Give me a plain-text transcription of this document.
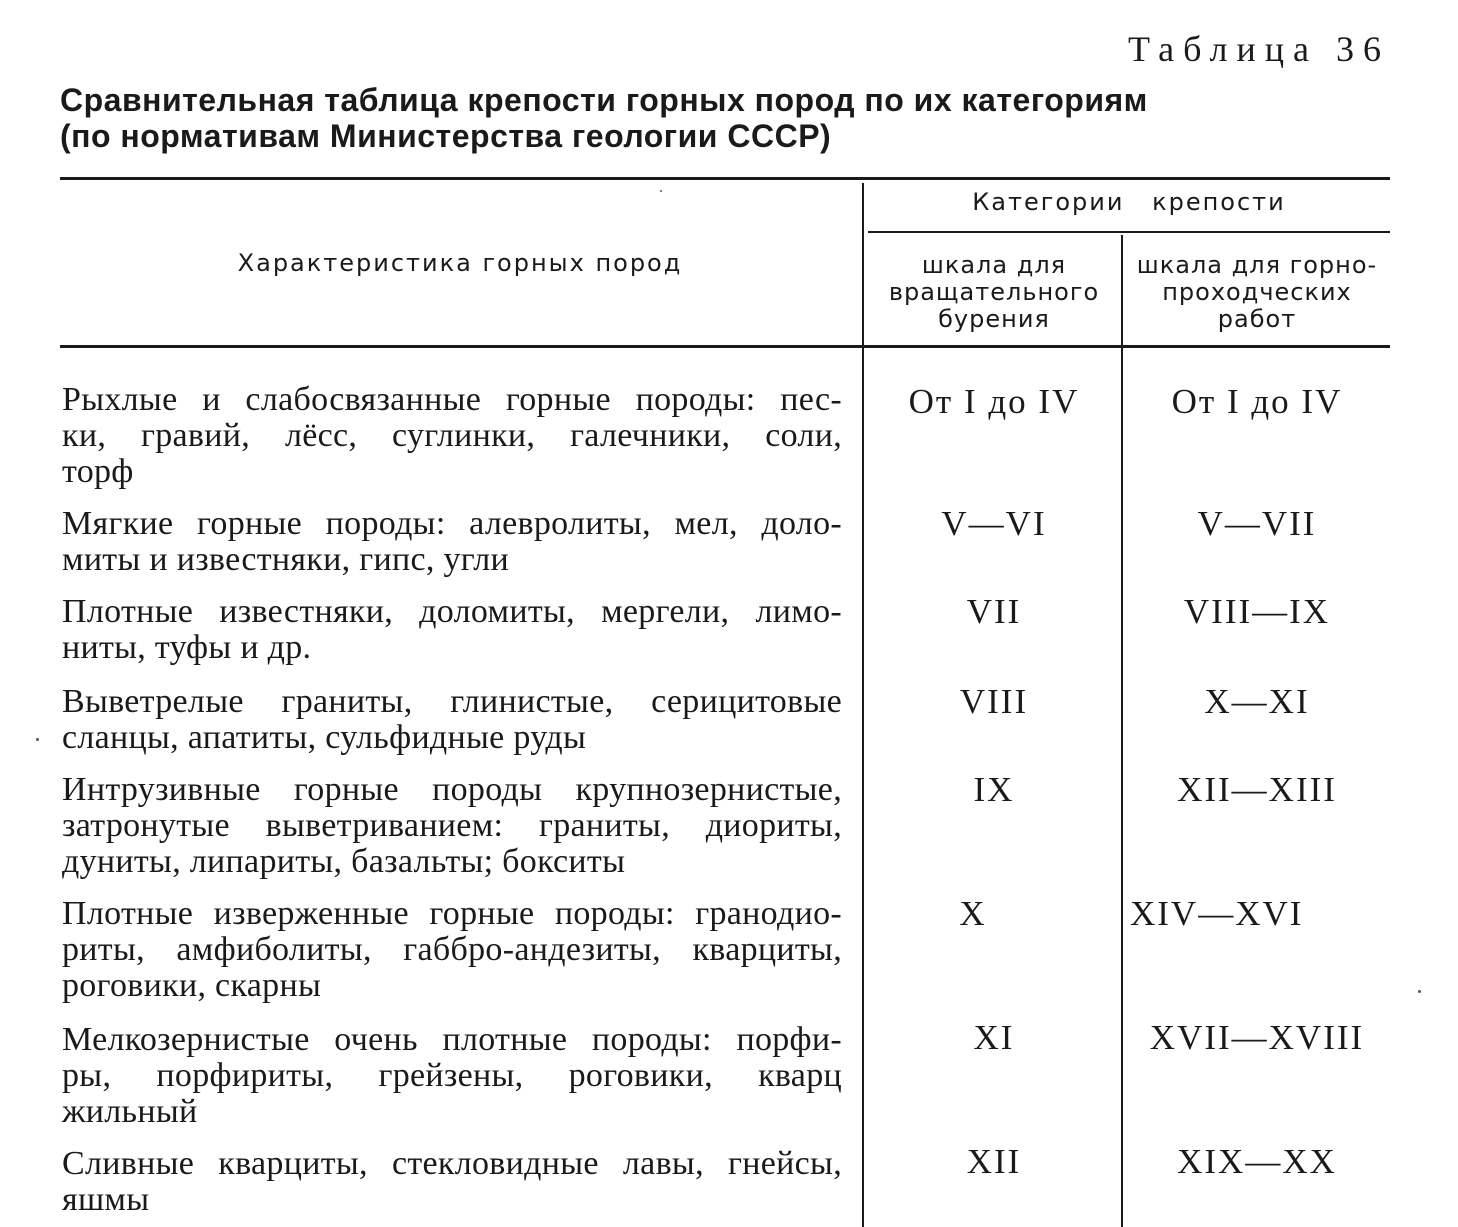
Таблица 36
Сравнительная таблица крепости горных пород по их категориям
(по нормативам Министерства геологии СССР)
Характеристика горных пород
Категории крепости
шкала для
вращательного
бурения
шкала для горно-
проходческих
работ
Рыхлые и слабосвязанные горные породы: пес-
ки, гравий, лёсс, суглинки, галечники, соли,
торф
От I до IV	От I до IV
Мягкие горные породы: алевролиты, мел, доло-
миты и известняки, гипс, угли
V—VI	V—VII
Плотные известняки, доломиты, мергели, лимо-
ниты, туфы и др.
VII	VIII—IX
Выветрелые граниты, глинистые, серицитовые
сланцы, апатиты, сульфидные руды
VIII	X—XI
Интрузивные горные породы крупнозернистые,
затронутые выветриванием: граниты, диориты,
дуниты, липариты, базальты; бокситы
IX	XII—XIII
Плотные изверженные горные породы: гранодио-
риты, амфиболиты, габбро-андезиты, кварциты,
роговики, скарны
X	XIV—XVI
Мелкозернистые очень плотные породы: порфи-
ры, порфириты, грейзены, роговики, кварц
жильный
XI	XVII—XVIII
Сливные кварциты, стекловидные лавы, гнейсы,
яшмы
XII	XIX—XX
